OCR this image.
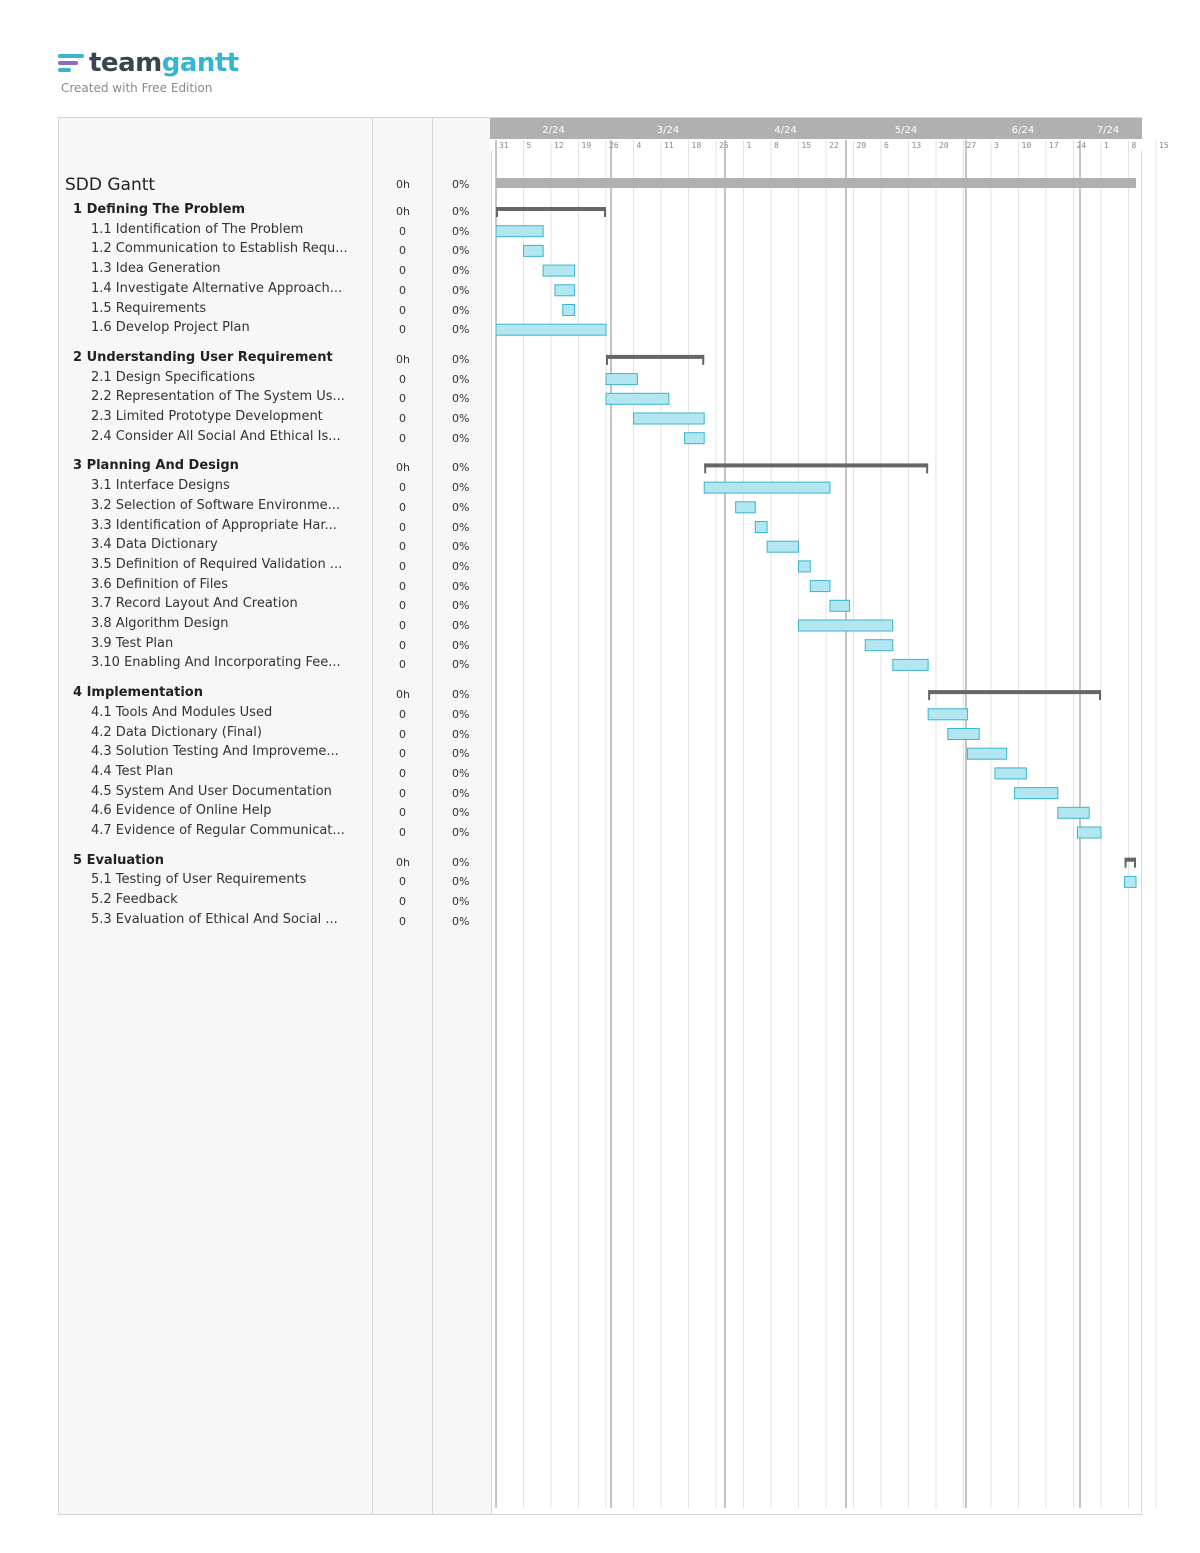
teamgantt
Created with Free Edition
SDD Gantt	0h	0%
1 Defining The Problem	0h	0%
1.1 Identification of The Problem	0	0%
1.2 Communication to Establish Requ...	0	0%
1.3 Idea Generation	0	0%
1.4 Investigate Alternative Approach...	0	0%
1.5 Requirements	0	0%
1.6 Develop Project Plan	0	0%
2 Understanding User Requirement	0h	0%
2.1 Design Specifications	0	0%
2.2 Representation of The System Us...	0	0%
2.3 Limited Prototype Development	0	0%
2.4 Consider All Social And Ethical Is...	0	0%
3 Planning And Design	0h	0%
3.1 Interface Designs	0	0%
3.2 Selection of Software Environme...	0	0%
3.3 Identification of Appropriate Har...	0	0%
3.4 Data Dictionary	0	0%
3.5 Definition of Required Validation ...	0	0%
3.6 Definition of Files	0	0%
3.7 Record Layout And Creation	0	0%
3.8 Algorithm Design	0	0%
3.9 Test Plan	0	0%
3.10 Enabling And Incorporating Fee...	0	0%
4 Implementation	0h	0%
4.1 Tools And Modules Used	0	0%
4.2 Data Dictionary (Final)	0	0%
4.3 Solution Testing And Improveme...	0	0%
4.4 Test Plan	0	0%
4.5 System And User Documentation	0	0%
4.6 Evidence of Online Help	0	0%
4.7 Evidence of Regular Communicat...	0	0%
5 Evaluation	0h	0%
5.1 Testing of User Requirements	0	0%
5.2 Feedback	0	0%
5.3 Evaluation of Ethical And Social ...	0	0%
31 5	12 19 26 4	11 18 25 1	8	15 22 29 6	13 20 27 3	10 17 24 1	8	15
2/24	3/24	4/24	5/24	6/24	7/24
